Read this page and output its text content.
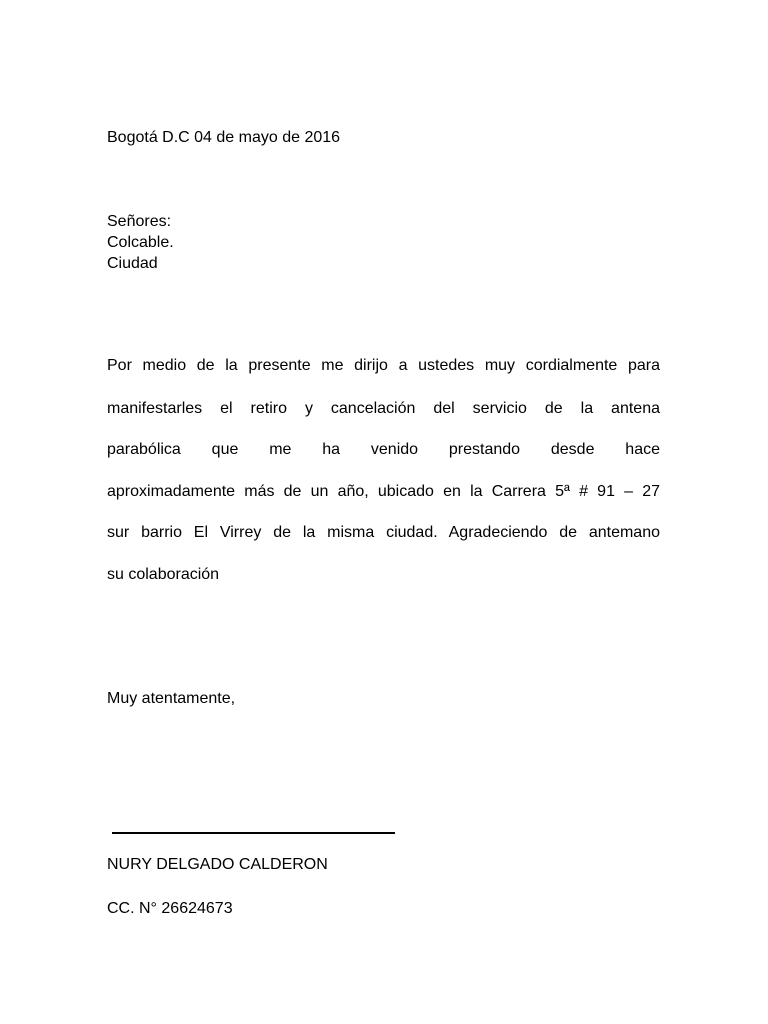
Bogotá D.C 04 de mayo de 2016
Señores:
Colcable.
Ciudad
Por medio de la presente me dirijo a ustedes muy cordialmente para
manifestarles el retiro y cancelación del servicio de la antena
parabólica que me ha venido prestando desde hace
aproximadamente más de un año, ubicado en la Carrera 5ª # 91 – 27
sur barrio El Virrey de la misma ciudad. Agradeciendo de antemano
su colaboración
Muy atentamente,
NURY DELGADO CALDERON
CC. N° 26624673
